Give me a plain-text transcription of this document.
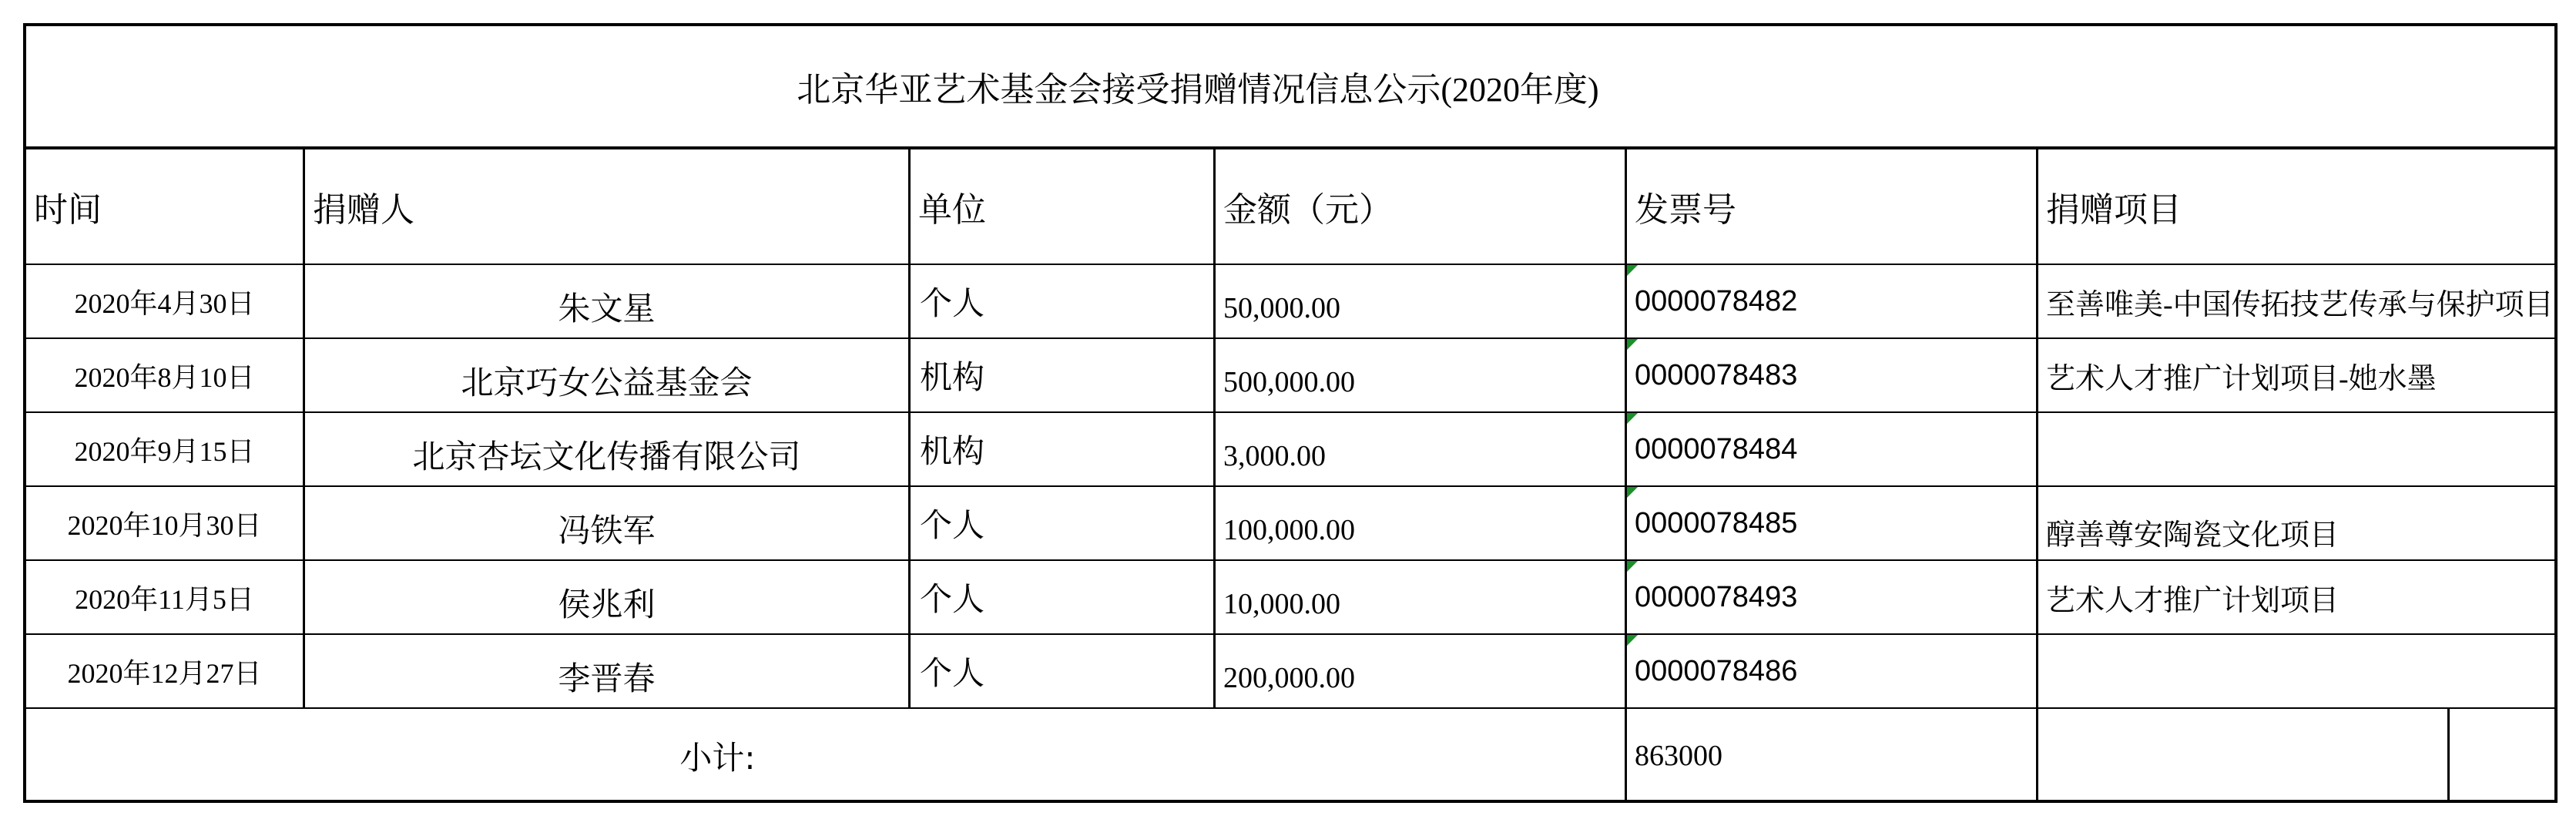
北京华亚艺术基金会接受捐赠情况信息公示(2020年度)
时间	捐赠人	单位	金额（元）	发票号	捐赠项目
2020年4月30日	朱文星	个人	50,000.00	0000078482	至善唯美-中国传拓技艺传承与保护项目
2020年8月10日	北京巧女公益基金会	机构	500,000.00	0000078483	艺术人才推广计划项目-她水墨
2020年9月15日	北京杏坛文化传播有限公司	机构	3,000.00	0000078484
2020年10月30日	冯铁军	个人	100,000.00	0000078485	醇善尊安陶瓷文化项目
2020年11月5日	侯兆利	个人	10,000.00	0000078493	艺术人才推广计划项目
2020年12月27日	李晋春	个人	200,000.00	0000078486
小计:	863000
